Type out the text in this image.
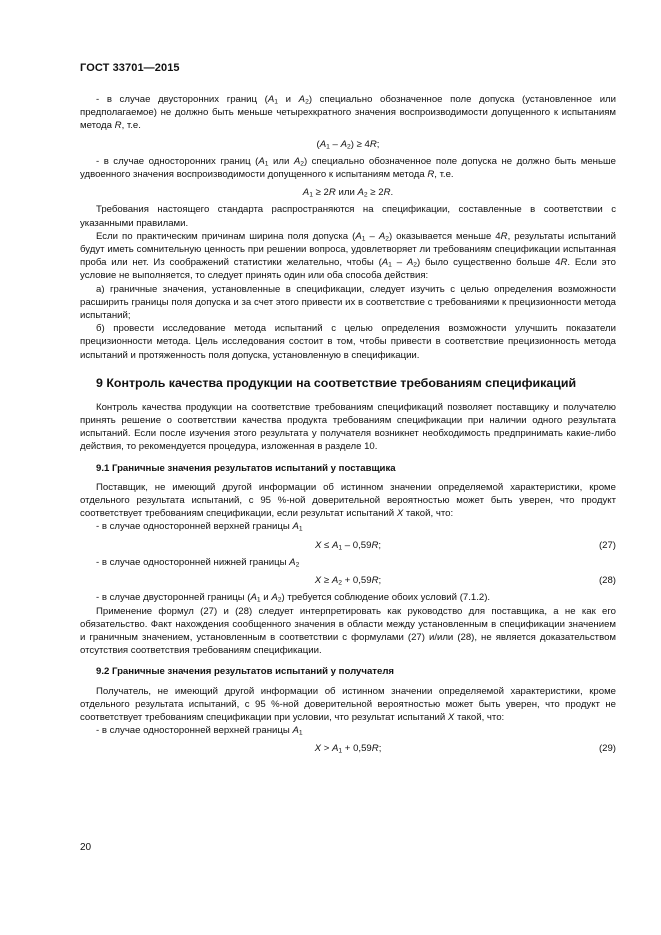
ГОСТ 33701—2015

- в случае двусторонних границ ($A_1$ и $A_2$) специально обозначенное поле допуска (установленное или предполагаемое) не должно быть меньше четырехкратного значения воспроизводимости допущенного к испытаниям метода R, т.е.

$(A_1 - A_2) \ge 4R$;

- в случае односторонних границ ($A_1$ или $A_2$) специально обозначенное поле допуска не должно быть меньше удвоенного значения воспроизводимости допущенного к испытаниям метода R, т.е.

$A_1 \ge 2R$ или $A_2 \ge 2R$.

Требования настоящего стандарта распространяются на спецификации, составленные в соответствии с указанными правилами.

Если по практическим причинам ширина поля допуска $(A_1 - A_2)$ оказывается меньше 4R, результаты испытаний будут иметь сомнительную ценность при решении вопроса, удовлетворяет ли требованиям спецификации испытанная проба или нет. Из соображений статистики желательно, чтобы $(A_1 - A_2)$ было существенно больше 4R. Если это условие не выполняется, то следует принять один или оба способа действия:

а) граничные значения, установленные в спецификации, следует изучить с целью определения возможности расширить границы поля допуска и за счет этого привести их в соответствие с требованиями к прецизионности метода испытаний;

б) провести исследование метода испытаний с целью определения возможности улучшить показатели прецизионности метода. Цель исследования состоит в том, чтобы привести в соответствие прецизионность метода испытаний и протяженность поля допуска, установленную в спецификации.

9 Контроль качества продукции на соответствие требованиям спецификаций

Контроль качества продукции на соответствие требованиям спецификаций позволяет поставщику и получателю принять решение о соответствии качества продукта требованиям спецификации при наличии одного результата испытаний. Если после изучения этого результата у получателя возникнет необходимость предпринимать какие-либо действия, то рекомендуется процедура, изложенная в разделе 10.

9.1 Граничные значения результатов испытаний у поставщика

Поставщик, не имеющий другой информации об истинном значении определяемой характеристики, кроме отдельного результата испытаний, с 95 %-ной доверительной вероятностью может быть уверен, что продукт соответствует требованиям спецификации, если результат испытаний X такой, что:

- в случае односторонней верхней границы $A_1$

$X \le A_1 - 0,59R$;	(27)

- в случае односторонней нижней границы $A_2$

$X \ge A_2 + 0,59R$;	(28)

- в случае двусторонней границы ($A_1$ и $A_2$) требуется соблюдение обоих условий (7.1.2).

Применение формул (27) и (28) следует интерпретировать как руководство для поставщика, а не как его обязательство. Факт нахождения сообщенного значения в области между установленным в спецификации значением и граничным значением, установленным в соответствии с формулами (27) и/или (28), не является доказательством отсутствия соответствия требованиям спецификации.

9.2 Граничные значения результатов испытаний у получателя

Получатель, не имеющий другой информации об истинном значении определяемой характеристики, кроме отдельного результата испытаний, с 95 %-ной доверительной вероятностью может быть уверен, что продукт не соответствует требованиям спецификации при условии, что результат испытаний X такой, что:

- в случае односторонней верхней границы $A_1$

$X > A_1 + 0,59R$;	(29)
20
